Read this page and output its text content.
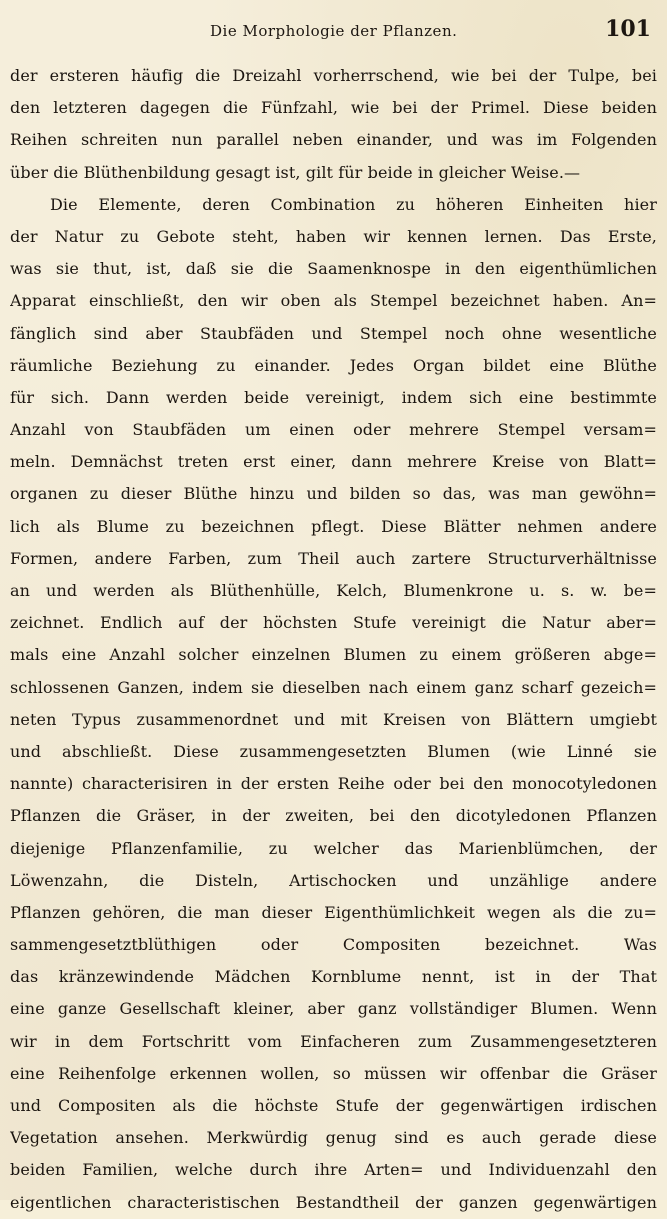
Die Morphologie der Pflanzen.	101
der ersteren häufig die Dreizahl vorherrschend, wie bei der Tulpe, bei
den letzteren dagegen die Fünfzahl, wie bei der Primel. Diese beiden
Reihen schreiten nun parallel neben einander, und was im Folgenden
über die Blüthenbildung gesagt ist, gilt für beide in gleicher Weise.—
Die Elemente, deren Combination zu höheren Einheiten hier
der Natur zu Gebote steht, haben wir kennen lernen. Das Erste,
was sie thut, ist, daß sie die Saamenknospe in den eigenthümlichen
Apparat einschließt, den wir oben als Stempel bezeichnet haben. An=
fänglich sind aber Staubfäden und Stempel noch ohne wesentliche
räumliche Beziehung zu einander. Jedes Organ bildet eine Blüthe
für sich. Dann werden beide vereinigt, indem sich eine bestimmte
Anzahl von Staubfäden um einen oder mehrere Stempel versam=
meln. Demnächst treten erst einer, dann mehrere Kreise von Blatt=
organen zu dieser Blüthe hinzu und bilden so das, was man gewöhn=
lich als Blume zu bezeichnen pflegt. Diese Blätter nehmen andere
Formen, andere Farben, zum Theil auch zartere Structurverhältnisse
an und werden als Blüthenhülle, Kelch, Blumenkrone u. s. w. be=
zeichnet. Endlich auf der höchsten Stufe vereinigt die Natur aber=
mals eine Anzahl solcher einzelnen Blumen zu einem größeren abge=
schlossenen Ganzen, indem sie dieselben nach einem ganz scharf gezeich=
neten Typus zusammenordnet und mit Kreisen von Blättern umgiebt
und abschließt. Diese zusammengesetzten Blumen (wie Linné sie
nannte) characterisiren in der ersten Reihe oder bei den monocotyledonen
Pflanzen die Gräser, in der zweiten, bei den dicotyledonen Pflanzen
diejenige Pflanzenfamilie, zu welcher das Marienblümchen, der
Löwenzahn, die Disteln, Artischocken und unzählige andere
Pflanzen gehören, die man dieser Eigenthümlichkeit wegen als die zu=
sammengesetztblüthigen oder Compositen bezeichnet. Was
das kränzewindende Mädchen Kornblume nennt, ist in der That
eine ganze Gesellschaft kleiner, aber ganz vollständiger Blumen. Wenn
wir in dem Fortschritt vom Einfacheren zum Zusammengesetzteren
eine Reihenfolge erkennen wollen, so müssen wir offenbar die Gräser
und Compositen als die höchste Stufe der gegenwärtigen irdischen
Vegetation ansehen. Merkwürdig genug sind es auch gerade diese
beiden Familien, welche durch ihre Arten= und Individuenzahl den
eigentlichen characteristischen Bestandtheil der ganzen gegenwärtigen
